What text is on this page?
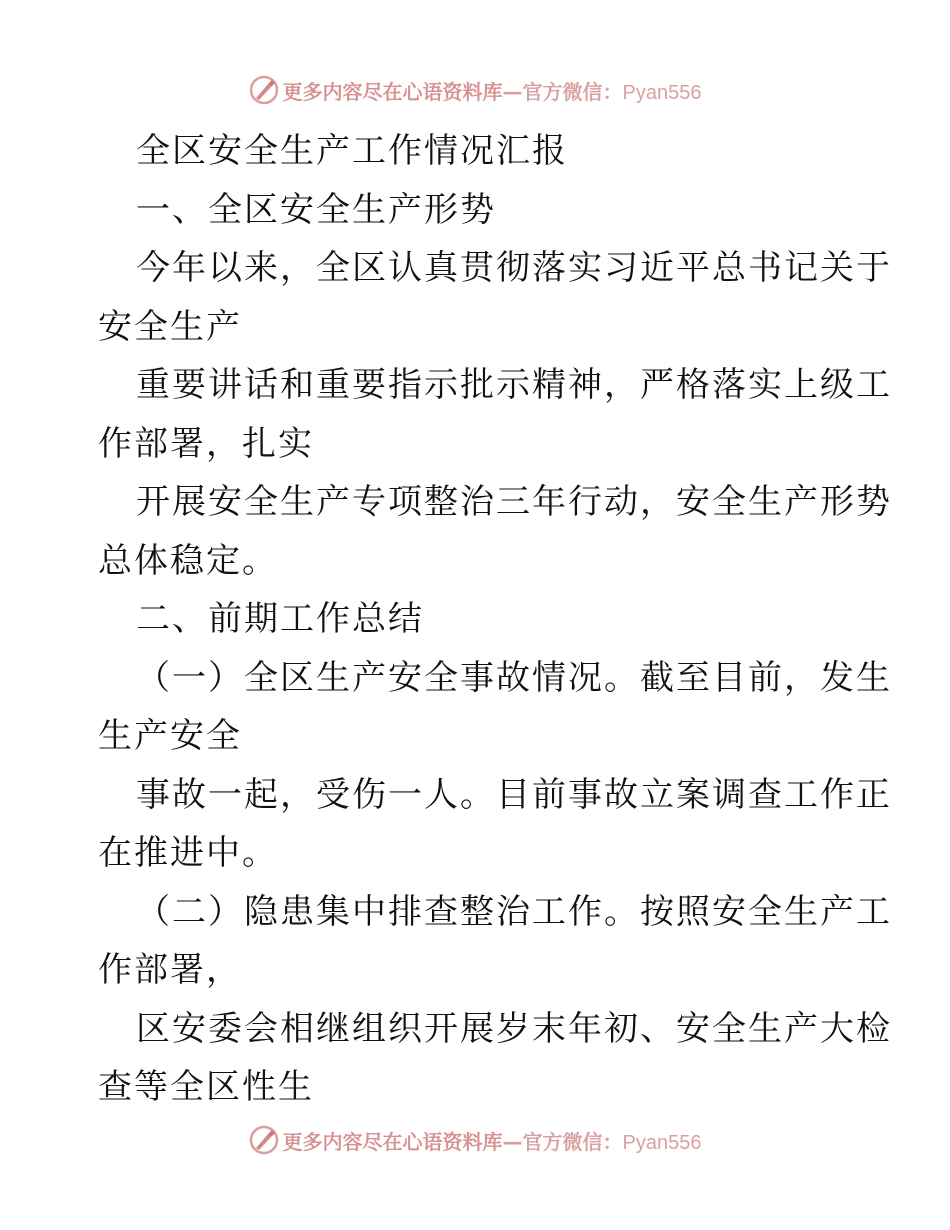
更多内容尽在心语资料库—官方微信：Pyan556
全区安全生产工作情况汇报
一、全区安全生产形势
今年以来，全区认真贯彻落实习近平总书记关于
安全生产
重要讲话和重要指示批示精神，严格落实上级工
作部署，扎实
开展安全生产专项整治三年行动，安全生产形势
总体稳定。
二、前期工作总结
（一）全区生产安全事故情况。截至目前，发生
生产安全
事故一起，受伤一人。目前事故立案调查工作正
在推进中。
（二）隐患集中排查整治工作。按照安全生产工
作部署，
区安委会相继组织开展岁末年初、安全生产大检
查等全区性生
更多内容尽在心语资料库—官方微信：Pyan556
